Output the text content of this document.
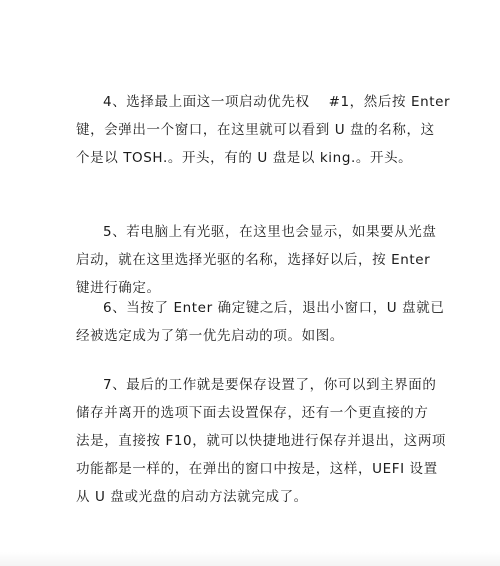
4、选择最上面这一项启动优先权　 #1，然后按 Enter
键，会弹出一个窗口，在这里就可以看到 U 盘的名称，这
个是以 TOSH.。开头，有的 U 盘是以 king.。开头。

5、若电脑上有光驱，在这里也会显示，如果要从光盘
启动，就在这里选择光驱的名称，选择好以后，按 Enter
键进行确定。

6、当按了 Enter 确定键之后，退出小窗口，U 盘就已
经被选定成为了第一优先启动的项。如图。

7、最后的工作就是要保存设置了，你可以到主界面的
储存并离开的选项下面去设置保存，还有一个更直接的方
法是，直接按 F10，就可以快捷地进行保存并退出，这两项
功能都是一样的，在弹出的窗口中按是，这样，UEFI 设置
从 U 盘或光盘的启动方法就完成了。
